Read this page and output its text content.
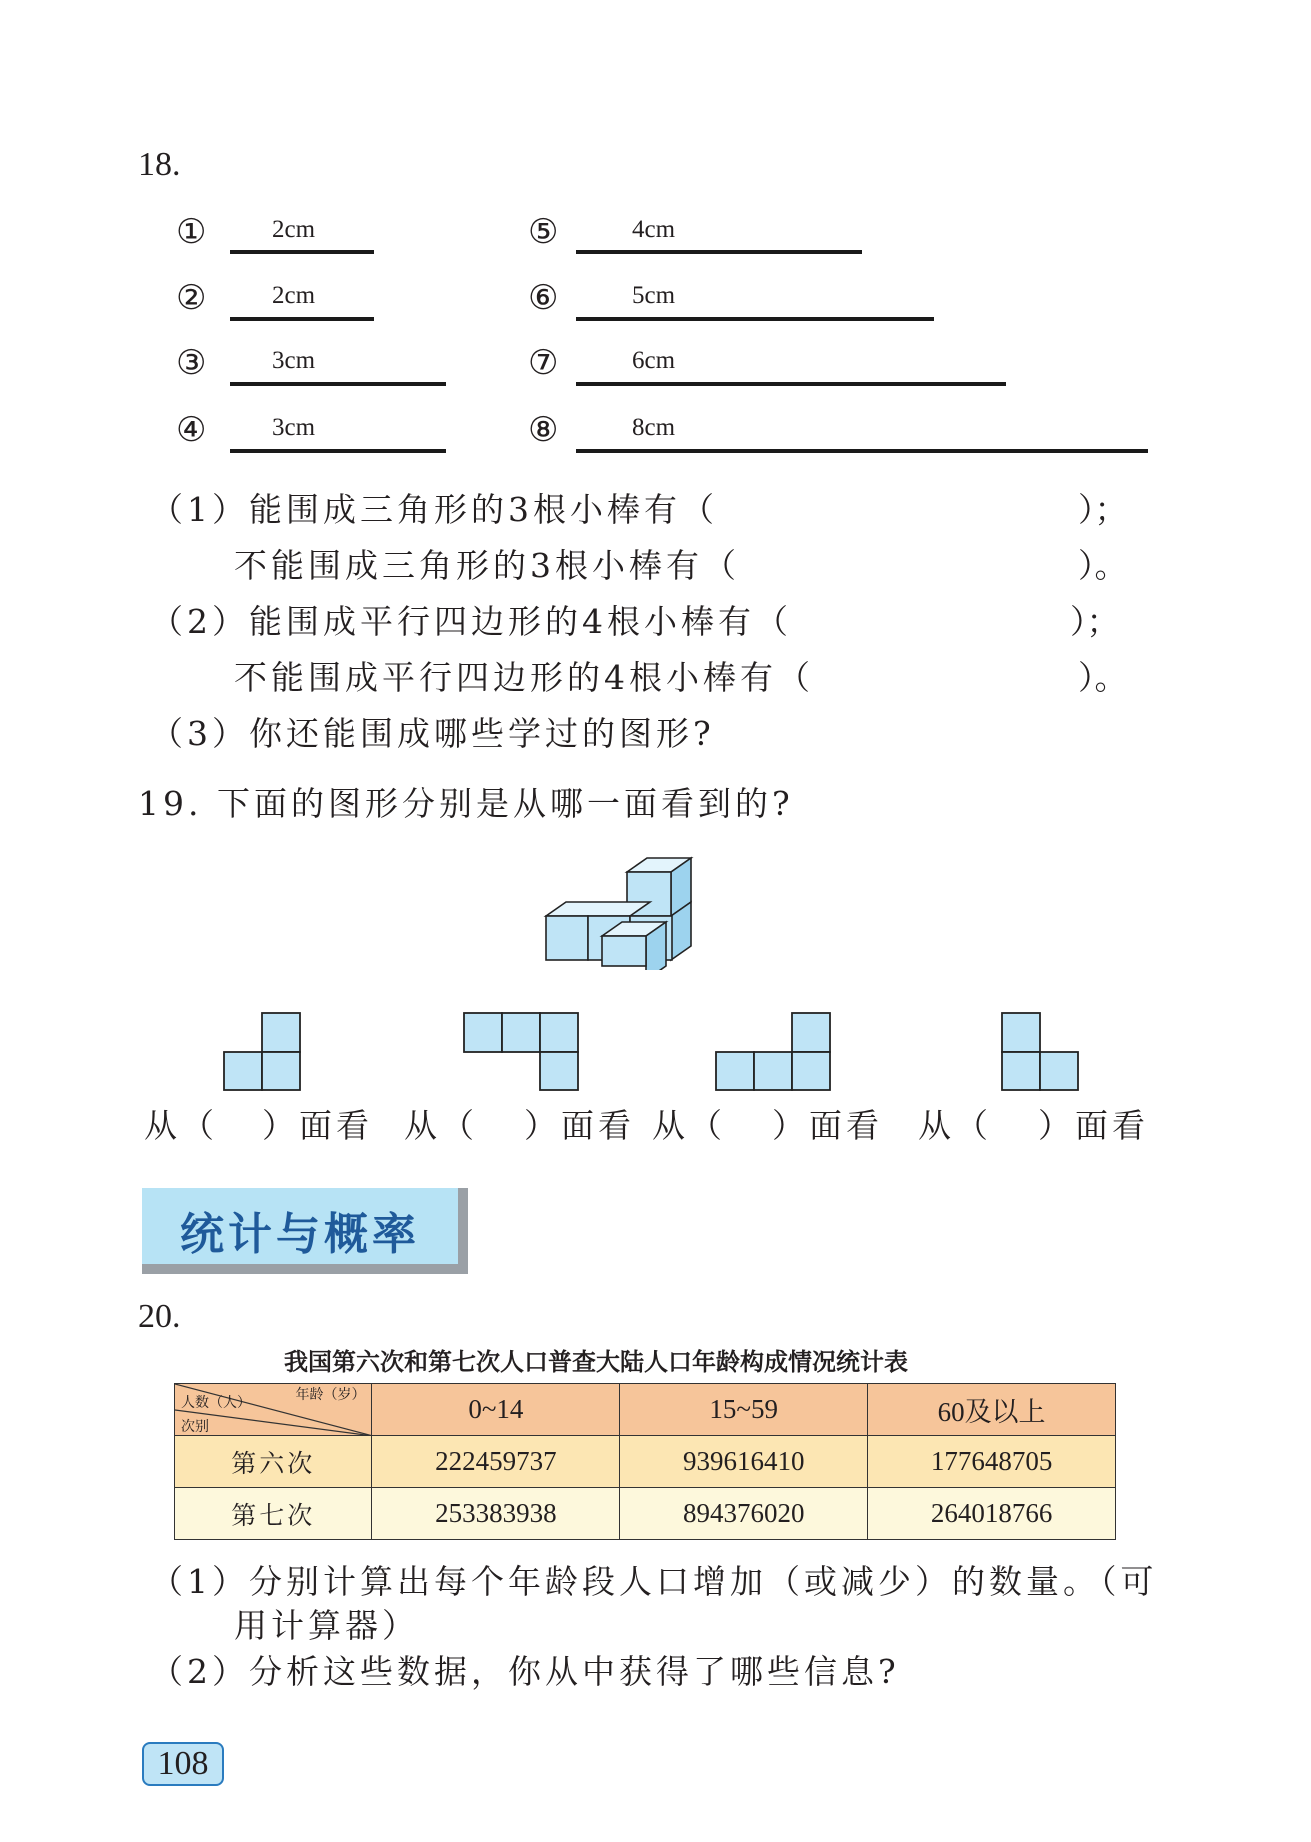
18.
①	2cm
②	2cm
③	3cm
④	3cm
⑤	4cm
⑥	5cm
⑦	6cm
⑧	8cm
（1）能围成三角形的3根小棒有（	）；
不能围成三角形的3根小棒有（	）。
（2）能围成平行四边形的4根小棒有（	）；
不能围成平行四边形的4根小棒有（	）。
（3）你还能围成哪些学过的图形?
19. 下面的图形分别是从哪一面看到的?
从（ ）面看 从（ ）面看 从（ ）面看 从（ ）面看
统计与概率
20.
我国第六次和第七次人口普查大陆人口年龄构成情况统计表
年龄（岁）
人数（人）
次别	0~14	15~59	60及以上
第六次	222459737	939616410	177648705
第七次	253383938	894376020	264018766
（1）分别计算出每个年龄段人口增加（或减少）的数量。（可
用计算器）
（2）分析这些数据，你从中获得了哪些信息?
108
